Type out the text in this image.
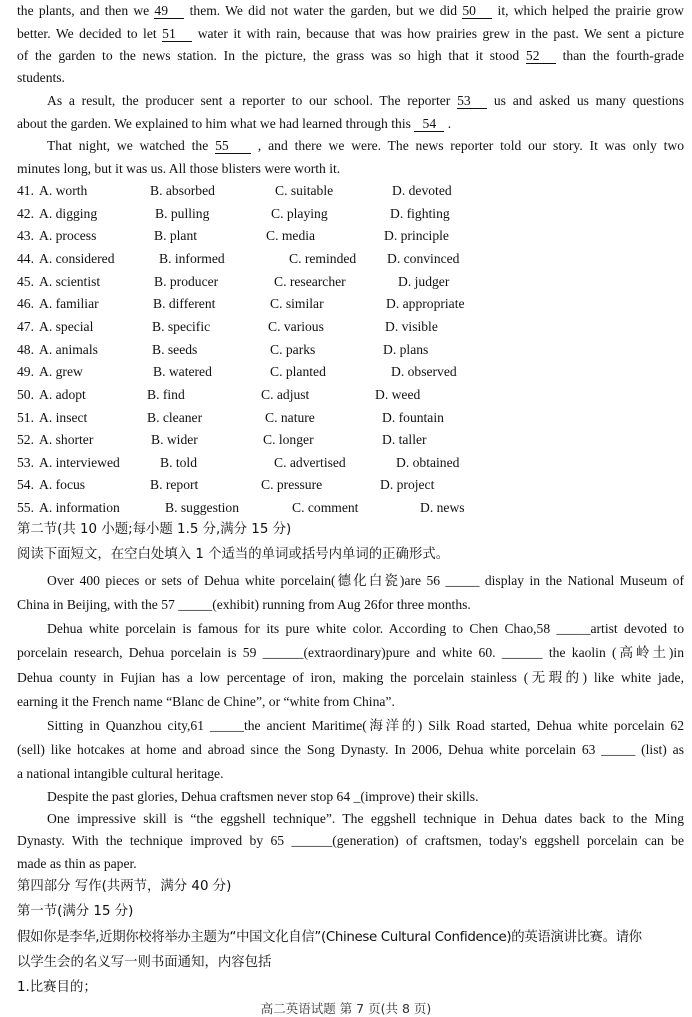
the plants, and then we 49 them. We did not water the garden, but we did 50 it, which helped the prairie grow
better. We decided to let 51 water it with rain, because that was how prairies grew in the past. We sent a picture
of the garden to the news station. In the picture, the grass was so high that it stood 52 than the fourth-grade
students.
As a result, the producer sent a reporter to our school. The reporter 53 us and asked us many questions
about the garden. We explained to him what we had learned through this 54 .
That night, we watched the 55 , and there we were. The news reporter told our story. It was only two
minutes long, but it was us. All those blisters were worth it.
41. A. worth	B. absorbed	C. suitable	D. devoted
42. A. digging	B. pulling	C. playing	D. fighting
43. A. process	B. plant	C. media	D. principle
44. A. considered	B. informed	C. reminded D. convinced
45. A. scientist	B. producer	C. researcher	D. judger
46. A. familiar	B. different	C. similar	D. appropriate
47. A. special	B. specific	C. various	D. visible
48. A. animals	B. seeds	C. parks	D. plans
49. A. grew	B. watered	C. planted	D. observed
50. A. adopt	B. find	C. adjust	D. weed
51. A. insect	B. cleaner	C. nature	D. fountain
52. A. shorter	B. wider	C. longer	D. taller
53. A. interviewed	B. told	C. advertised	D. obtained
54. A. focus	B. report	C. pressure	D. project
55. A. information	B. suggestion	C. comment	D. news
第二节(共 10 小题;每小题 1.5 分,满分 15 分)
阅读下面短文，在空白处填入 1 个适当的单词或括号内单词的正确形式。
Over 400 pieces or sets of Dehua white porcelain(德化白瓷)are 56 _____ display in the National Museum of
China in Beijing, with the 57 _____(exhibit) running from Aug 26for three months.
Dehua white porcelain is famous for its pure white color. According to Chen Chao,58 _____artist devoted to
porcelain research, Dehua porcelain is 59 ______(extraordinary)pure and white 60. ______ the kaolin (高岭土)in
Dehua county in Fujian has a low percentage of iron, making the porcelain stainless (无瑕的) like white jade,
earning it the French name “Blanc de Chine”, or “white from China”.
Sitting in Quanzhou city,61 _____the ancient Maritime(海洋的) Silk Road started, Dehua white porcelain 62
(sell) like hotcakes at home and abroad since the Song Dynasty. In 2006, Dehua white porcelain 63 _____ (list) as
a national intangible cultural heritage.
Despite the past glories, Dehua craftsmen never stop 64 _(improve) their skills.
One impressive skill is “the eggshell technique”. The eggshell technique in Dehua dates back to the Ming
Dynasty. With the technique improved by 65 ______(generation) of craftsmen, today's eggshell porcelain can be
made as thin as paper.
第四部分 写作(共两节，满分 40 分)
第一节(满分 15 分)
假如你是李华,近期你校将举办主题为“中国文化自信”(Chinese Cultural Confidence)的英语演讲比赛。请你
以学生会的名义写一则书面通知，内容包括
1.比赛目的；
高二英语试题 第 7 页(共 8 页)
